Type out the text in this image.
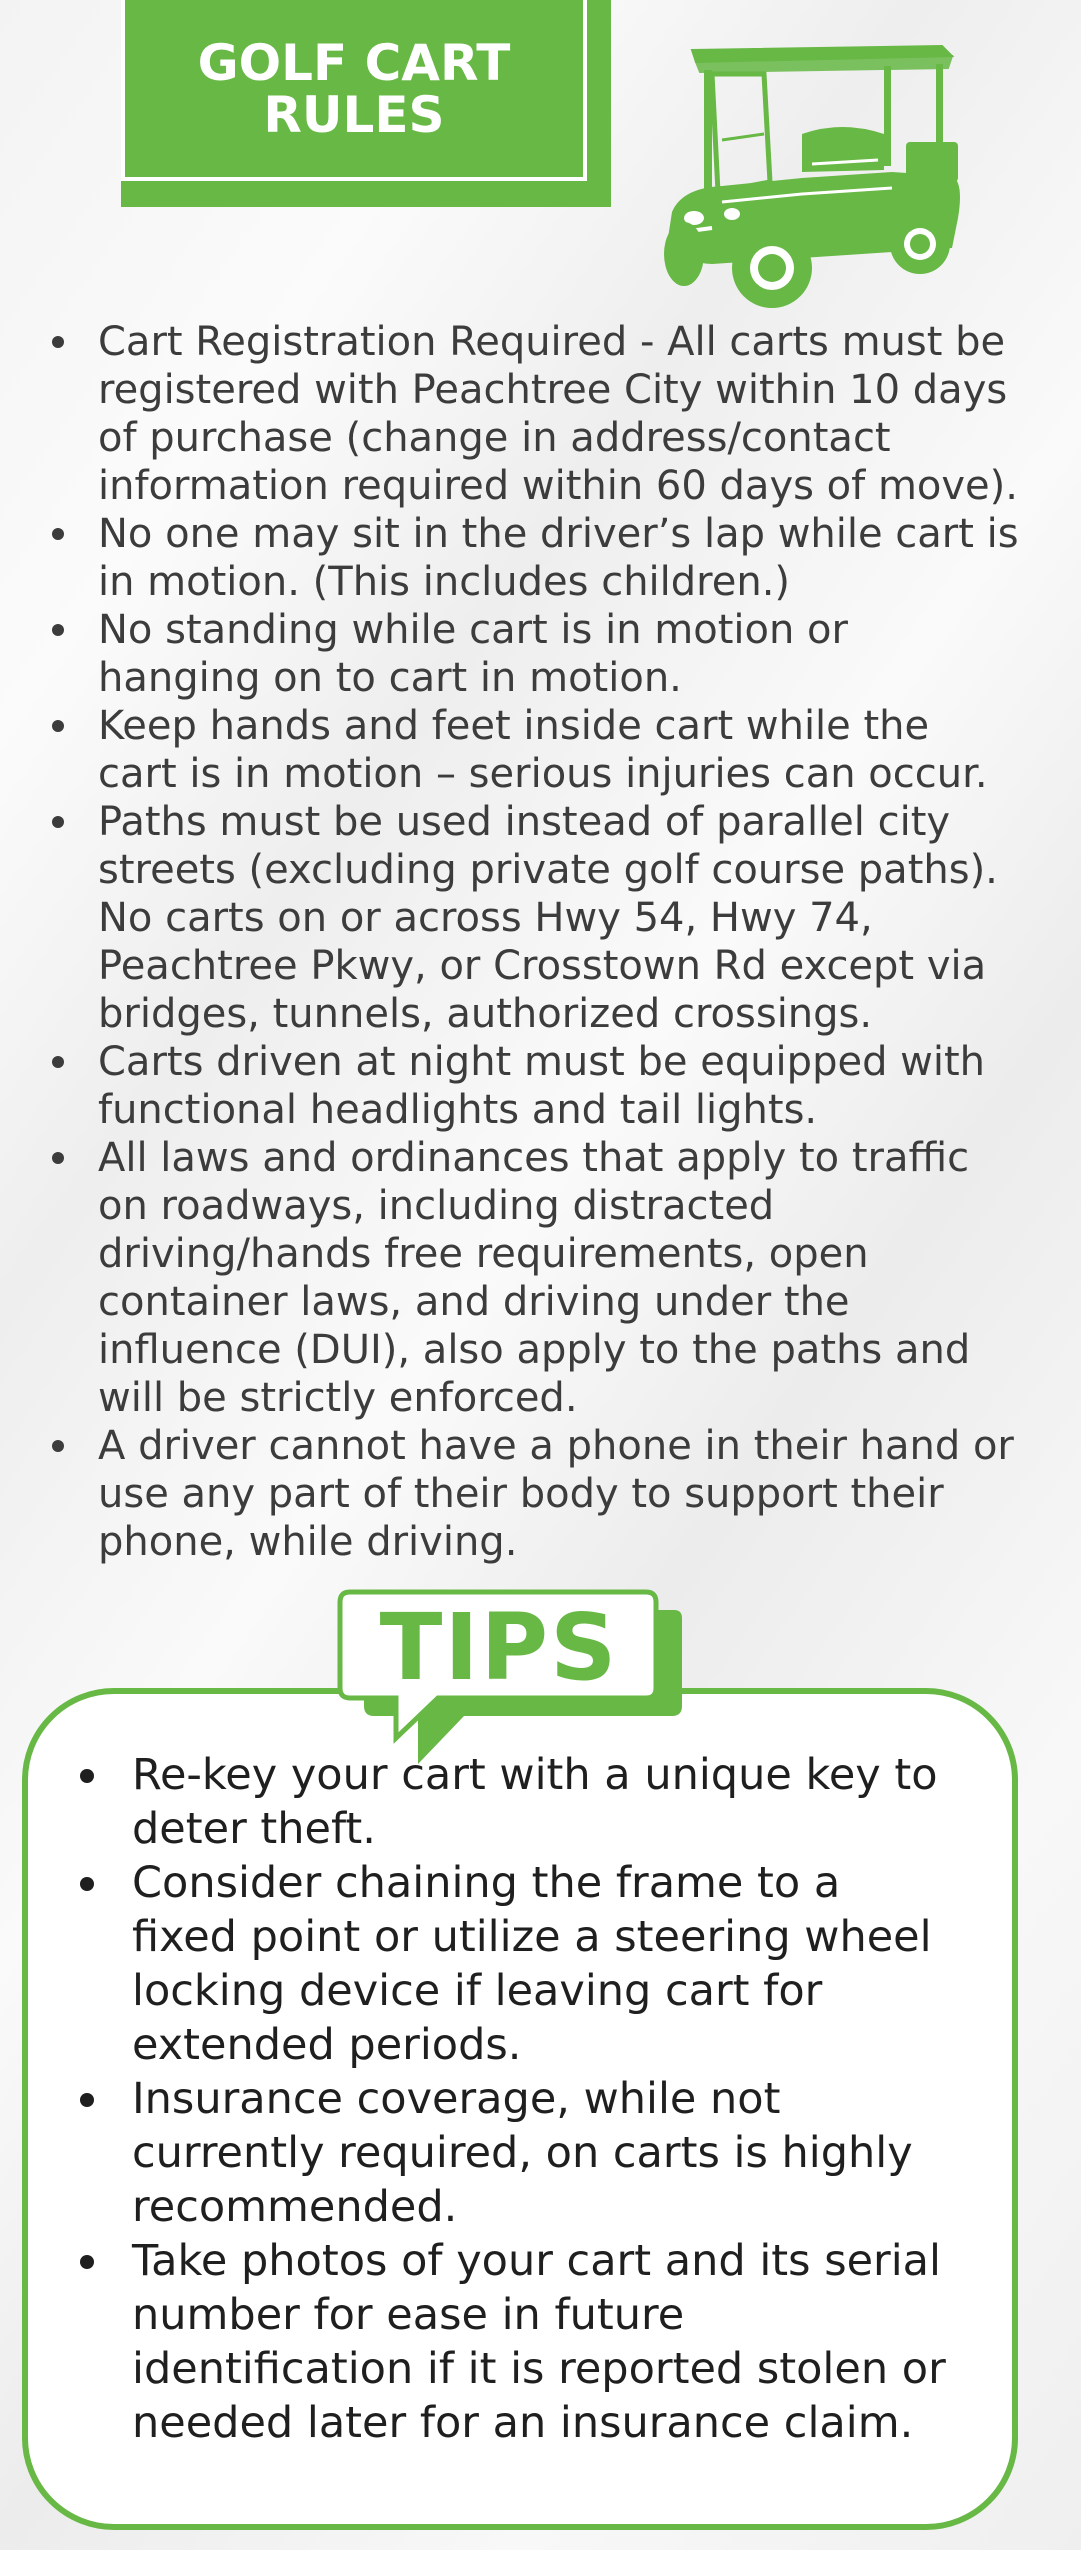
GOLF CART
RULES
Cart Registration Required - All carts must be
registered with Peachtree City within 10 days
of purchase (change in address/contact
information required within 60 days of move).
No one may sit in the driver’s lap while cart is
in motion. (This includes children.)
No standing while cart is in motion or
hanging on to cart in motion.
Keep hands and feet inside cart while the
cart is in motion – serious injuries can occur.
Paths must be used instead of parallel city
streets (excluding private golf course paths).
No carts on or across Hwy 54, Hwy 74,
Peachtree Pkwy, or Crosstown Rd except via
bridges, tunnels, authorized crossings.
Carts driven at night must be equipped with
functional headlights and tail lights.
All laws and ordinances that apply to traffic
on roadways, including distracted
driving/hands free requirements, open
container laws, and driving under the
influence (DUI), also apply to the paths and
will be strictly enforced.
A driver cannot have a phone in their hand or
use any part of their body to support their
phone, while driving.
TIPS
Re-key your cart with a unique key to
deter theft.
Consider chaining the frame to a
fixed point or utilize a steering wheel
locking device if leaving cart for
extended periods.
Insurance coverage, while not
currently required, on carts is highly
recommended.
Take photos of your cart and its serial
number for ease in future
identification if it is reported stolen or
needed later for an insurance claim.
